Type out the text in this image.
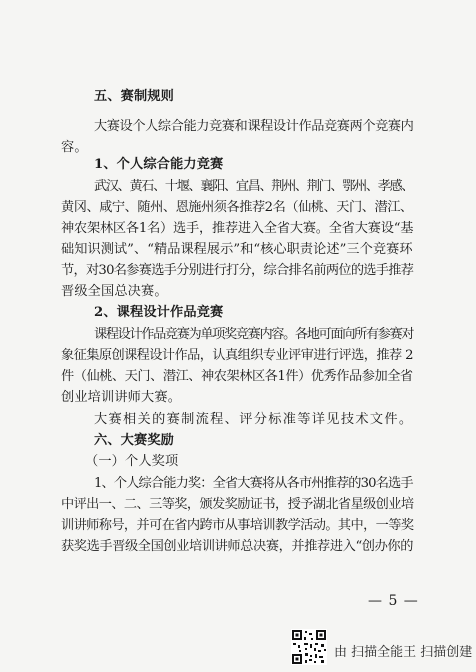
五、赛制规则
大赛设个人综合能力竞赛和课程设计作品竞赛两个竞赛内
容。
1、个人综合能力竞赛
武汉、黄石、十堰、襄阳、宜昌、荆州、荆门、鄂州、孝感、
黄冈、咸宁、随州、恩施州须各推荐2名（仙桃、天门、潜江、
神农架林区各1名）选手，推荐进入全省大赛。全省大赛设“基
础知识测试”、“精品课程展示”和“核心职责论述”三个竞赛环
节，对30名参赛选手分别进行打分，综合排名前两位的选手推荐
晋级全国总决赛。
2、课程设计作品竞赛
课程设计作品竞赛为单项奖竞赛内容。各地可面向所有参赛对
象征集原创课程设计作品，认真组织专业评审进行评选，推荐 2
件（仙桃、天门、潜江、神农架林区各1件）优秀作品参加全省
创业培训讲师大赛。
大赛相关的赛制流程、评分标准等详见技术文件。
六、大赛奖励
（一）个人奖项
1、个人综合能力奖：全省大赛将从各市州推荐的30名选手
中评出一、二、三等奖，颁发奖励证书，授予湖北省星级创业培
训讲师称号，并可在省内跨市从事培训教学活动。其中，一等奖
获奖选手晋级全国创业培训讲师总决赛，并推荐进入“创办你的
— 5 —
由 扫描全能王 扫描创建
